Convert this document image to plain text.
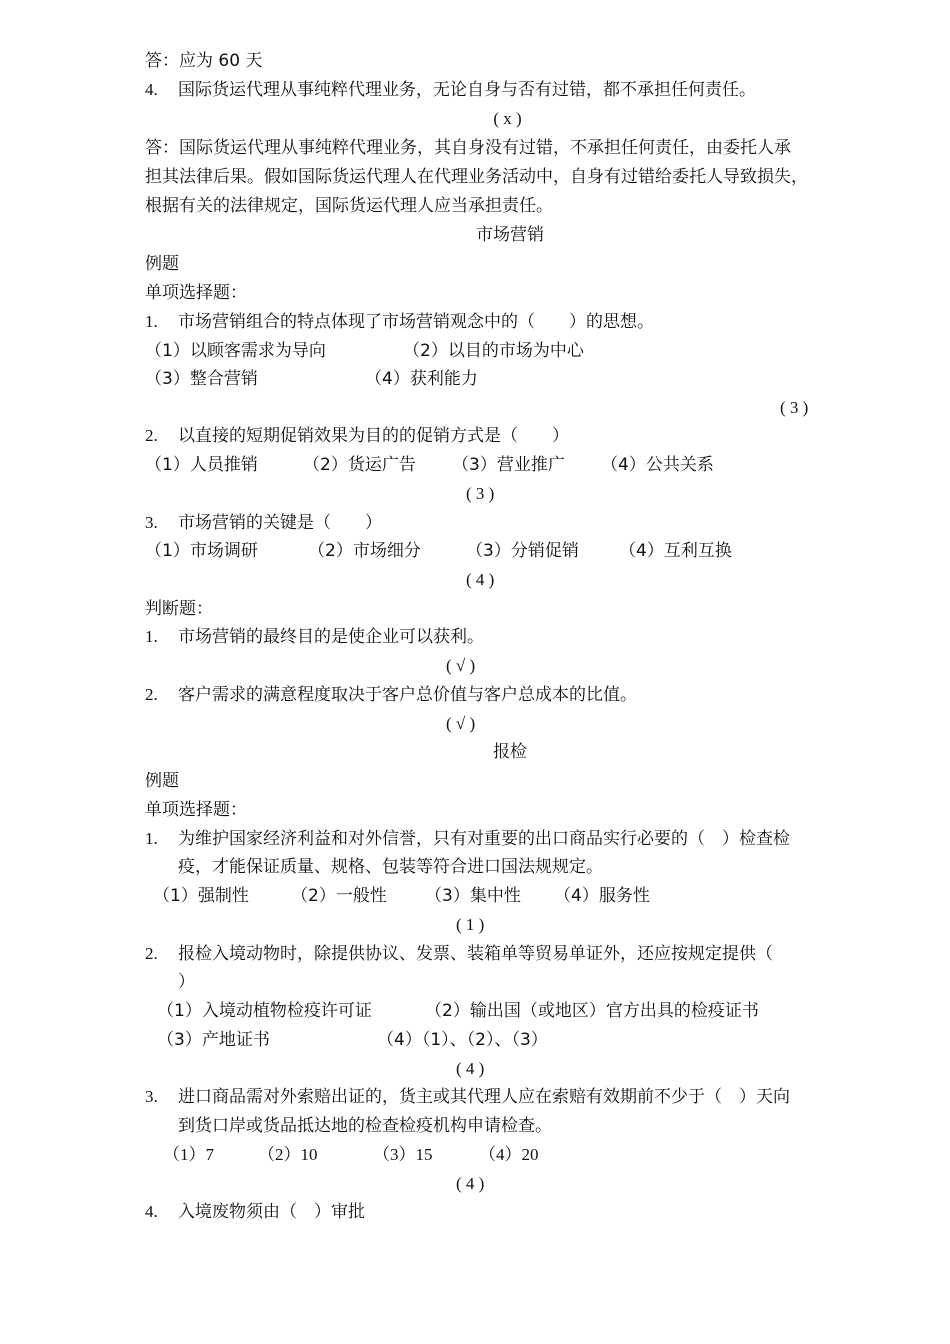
答：应为 60 天
4. 国际货运代理从事纯粹代理业务，无论自身与否有过错，都不承担任何责任。
( x )
答：国际货运代理从事纯粹代理业务，其自身没有过错，不承担任何责任，由委托人承
担其法律后果。假如国际货运代理人在代理业务活动中，自身有过错给委托人导致损失，
根据有关的法律规定，国际货运代理人应当承担责任。
市场营销
例题
单项选择题：
1. 市场营销组合的特点体现了市场营销观念中的（　　）的思想。
（1）以顾客需求为导向	（2）以目的市场为中心
（3）整合营销	（4）获利能力
( 3 )
2. 以直接的短期促销效果为目的的促销方式是（　　）
（1）人员推销	（2）货运广告 （3）营业推广 （4）公共关系
( 3 )
3. 市场营销的关键是（　　）
（1）市场调研	（2）市场细分	（3）分销促销 （4）互利互换
( 4 )
判断题：
1. 市场营销的最终目的是使企业可以获利。
( √ )
2. 客户需求的满意程度取决于客户总价值与客户总成本的比值。
( √ )
报检
例题
单项选择题：
1. 为维护国家经济利益和对外信誉，只有对重要的出口商品实行必要的（　）检查检
疫，才能保证质量、规格、包装等符合进口国法规规定。
（1）强制性 （2）一般性 （3）集中性 （4）服务性
( 1 )
2. 报检入境动物时，除提供协议、发票、装箱单等贸易单证外，还应按规定提供（
）
（1）入境动植物检疫许可证	（2）输出国（或地区）官方出具的检疫证书
（3）产地证书	（4）（1）、（2）、（3）
( 4 )
3. 进口商品需对外索赔出证的，货主或其代理人应在索赔有效期前不少于（　）天向
到货口岸或货品抵达地的检查检疫机构申请检查。
（1）7	（2）10	（3）15	（4）20
( 4 )
4. 入境废物须由（　）审批
